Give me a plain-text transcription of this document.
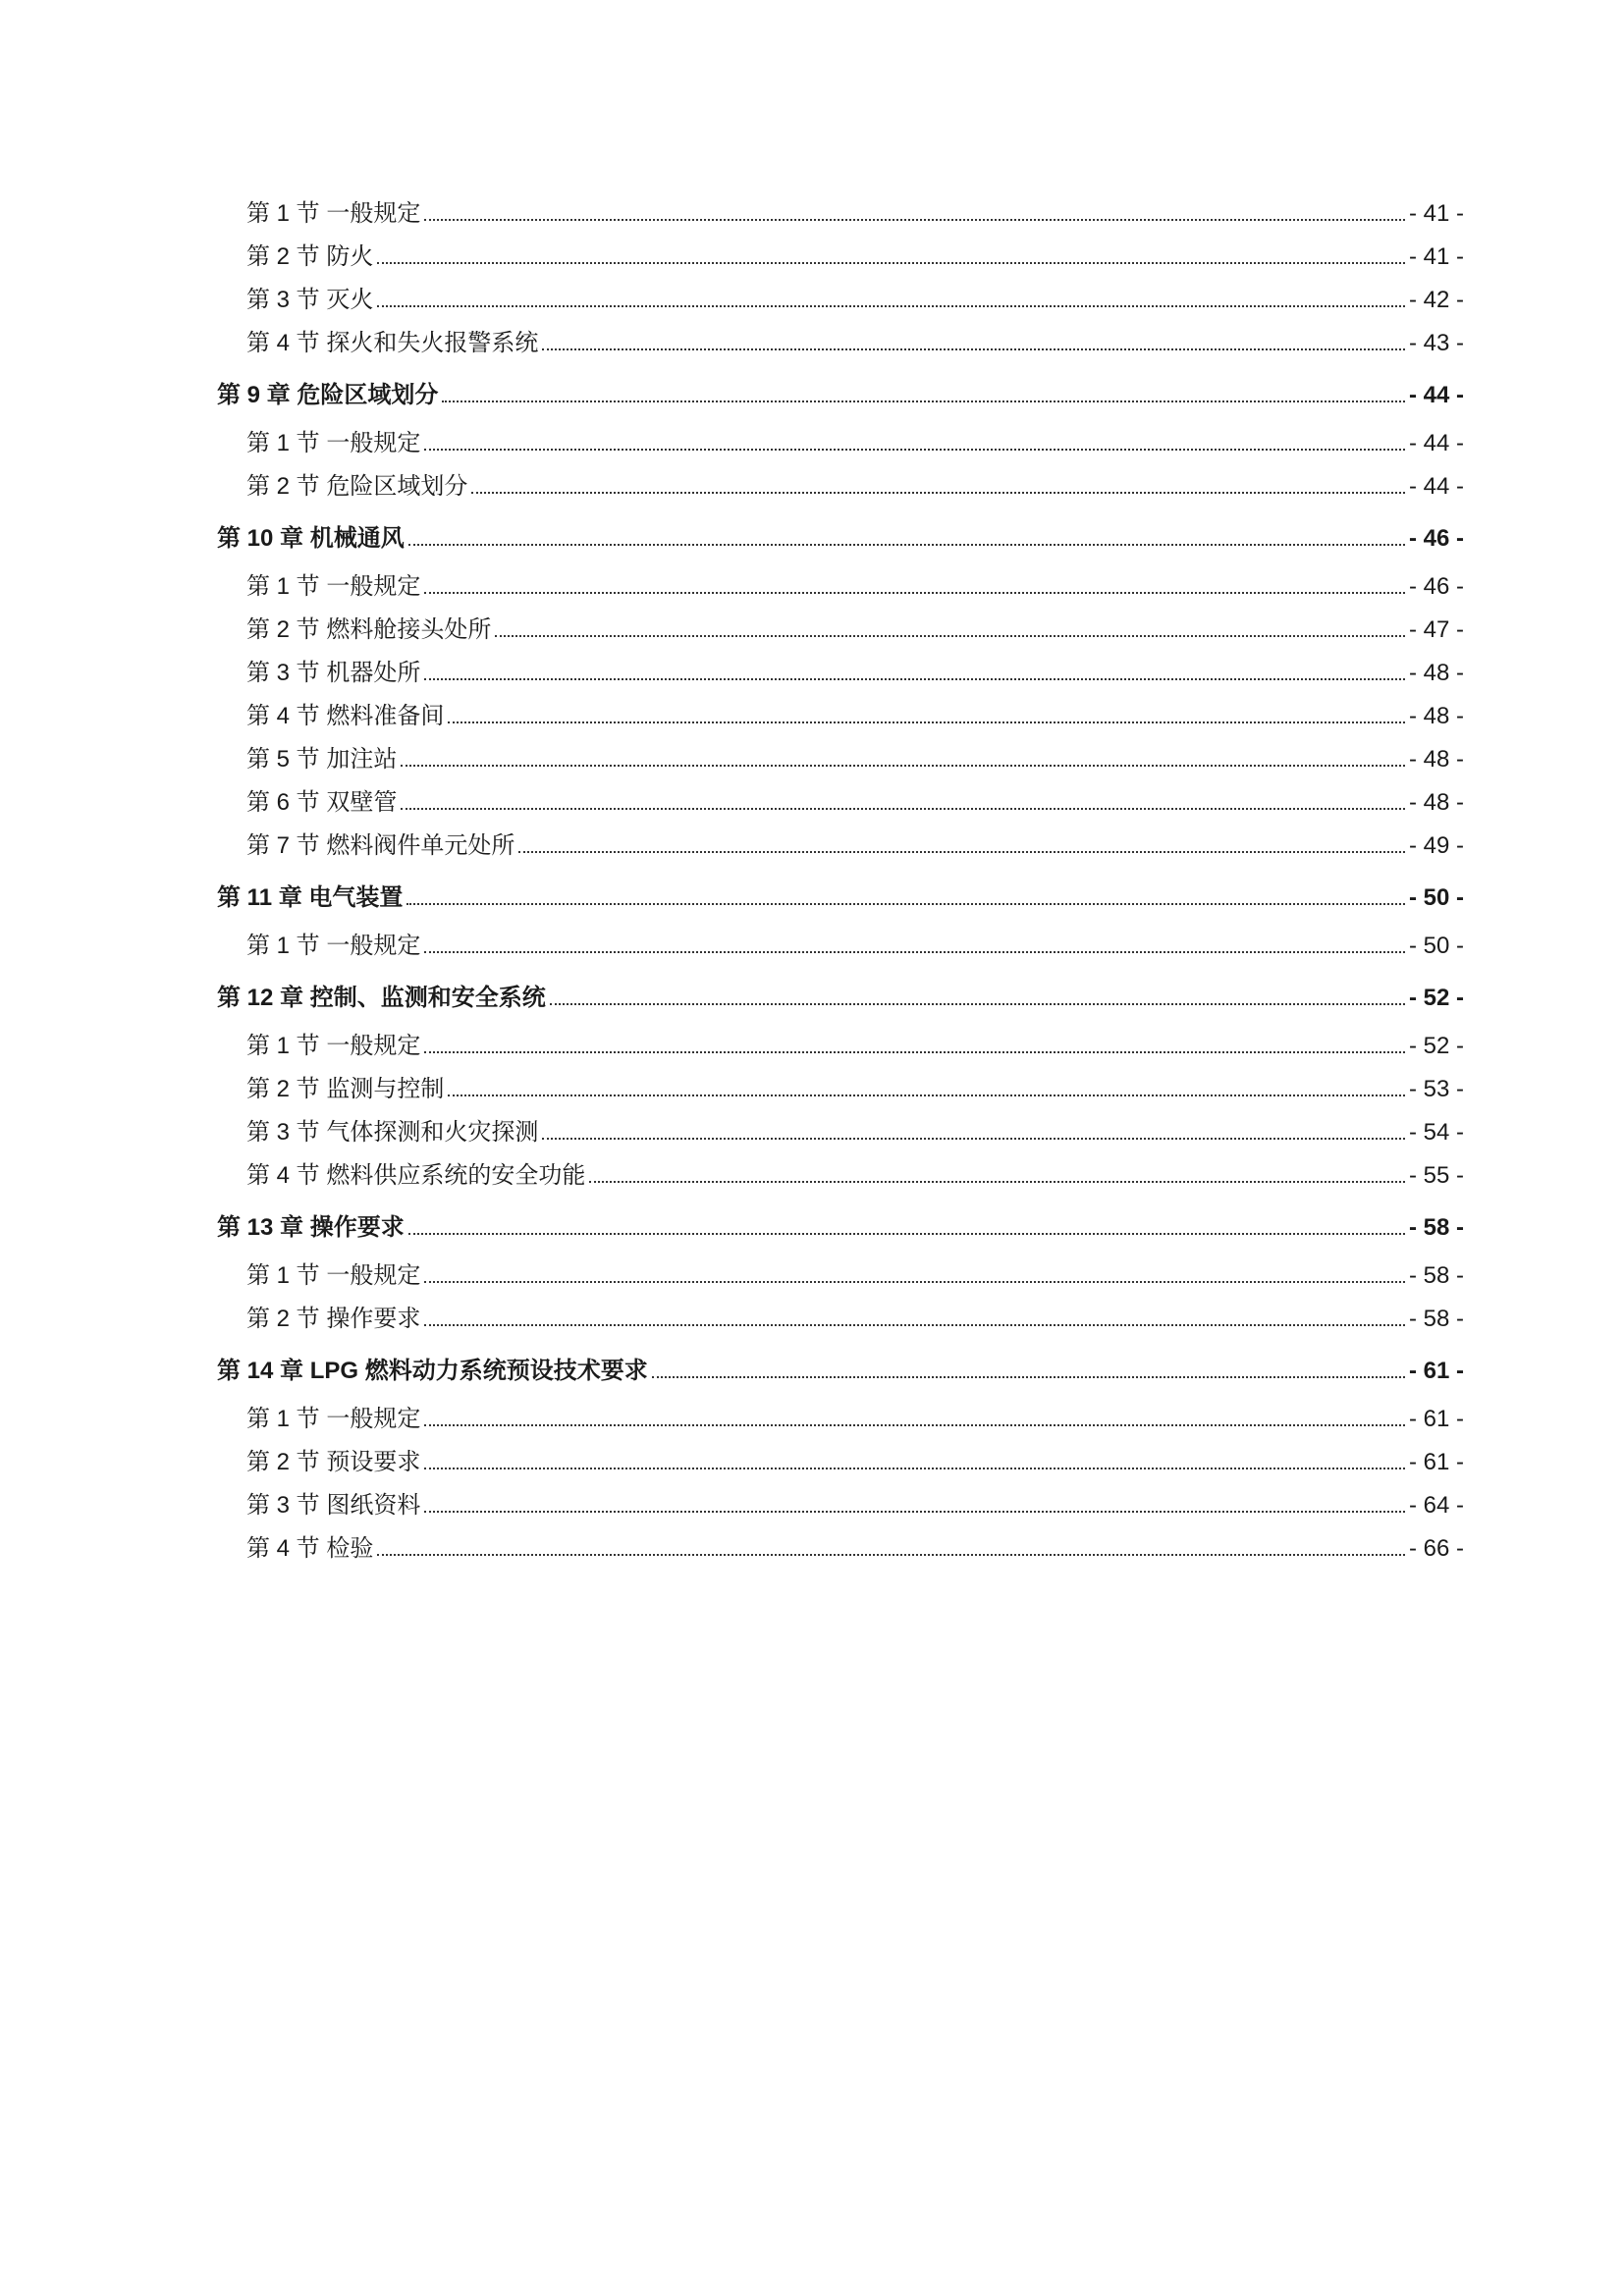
第 1 节 一般规定	- 41 -
第 2 节 防火	- 41 -
第 3 节 灭火	- 42 -
第 4 节 探火和失火报警系统	- 43 -
第 9 章 危险区域划分	- 44 -
第 1 节 一般规定	- 44 -
第 2 节 危险区域划分	- 44 -
第 10 章 机械通风	- 46 -
第 1 节 一般规定	- 46 -
第 2 节 燃料舱接头处所	- 47 -
第 3 节 机器处所	- 48 -
第 4 节 燃料准备间	- 48 -
第 5 节 加注站	- 48 -
第 6 节 双壁管	- 48 -
第 7 节 燃料阀件单元处所	- 49 -
第 11 章 电气装置	- 50 -
第 1 节 一般规定	- 50 -
第 12 章 控制、监测和安全系统	- 52 -
第 1 节 一般规定	- 52 -
第 2 节 监测与控制	- 53 -
第 3 节 气体探测和火灾探测	- 54 -
第 4 节 燃料供应系统的安全功能	- 55 -
第 13 章 操作要求	- 58 -
第 1 节 一般规定	- 58 -
第 2 节 操作要求	- 58 -
第 14 章 LPG 燃料动力系统预设技术要求	- 61 -
第 1 节 一般规定	- 61 -
第 2 节 预设要求	- 61 -
第 3 节 图纸资料	- 64 -
第 4 节 检验	- 66 -
